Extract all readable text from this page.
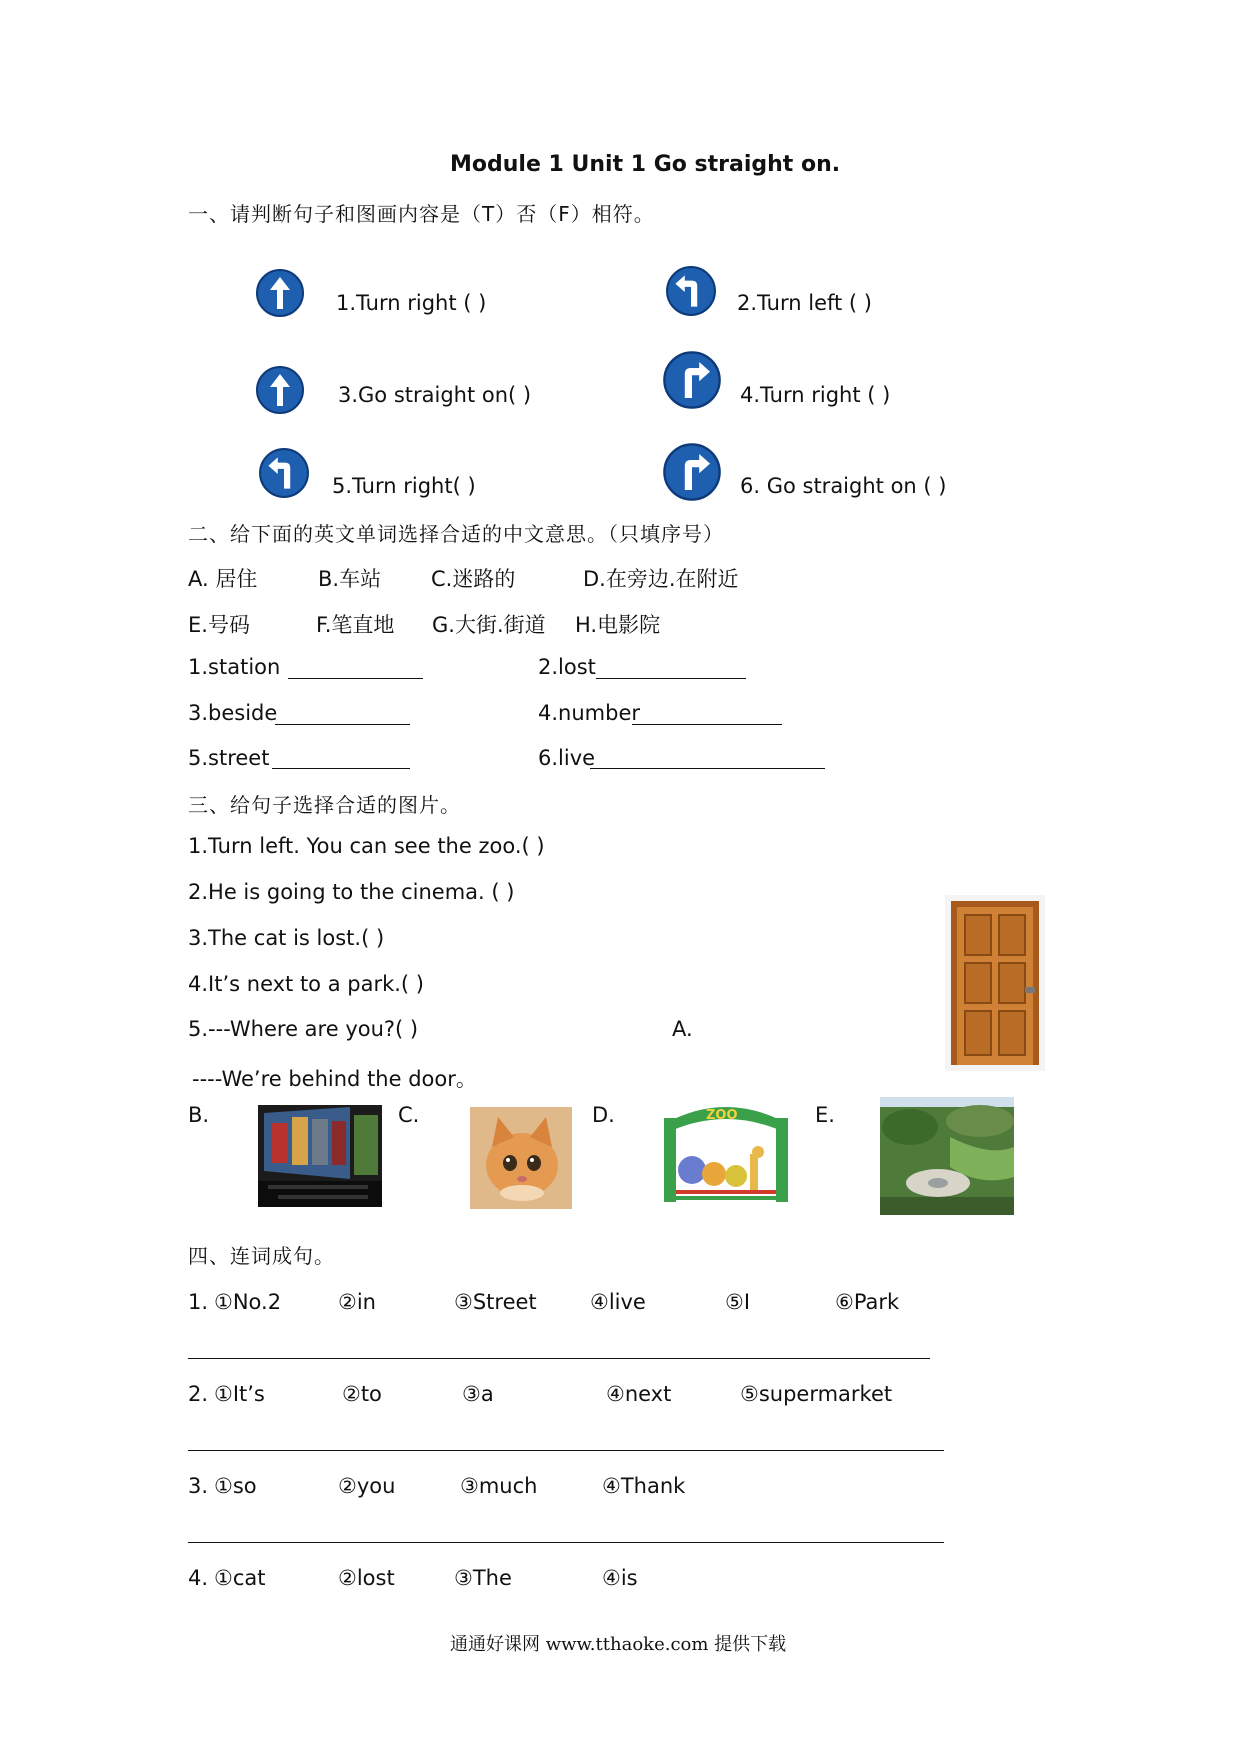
Module 1 Unit 1 Go straight on.
一、请判断句子和图画内容是（T）否（F）相符。
1.Turn right ( )	2.Turn left ( )
3.Go straight on( )	4.Turn right ( )
5.Turn right( )	6. Go straight on ( )
二、给下面的英文单词选择合适的中文意思。（只填序号）
A. 居住	B.车站 C.迷路的	D.在旁边.在附近
E.号码	F.笔直地 G.大街.街道 H.电影院
1.station	2.lost
3.beside	4.number
5.street	6.live
三、给句子选择合适的图片。
1.Turn left. You can see the zoo.( )
2.He is going to the cinema. ( )
3.The cat is lost.( )
4.It’s next to a park.( )
5.---Where are you?( )
----We’re behind the door。
A.
B.	C.	D.	ZOO	E.
四、连词成句。
1. ①No.2	②in	③Street	④live	⑤I	⑥Park
2. ①It’s	②to	③a	④next	⑤supermarket
3. ①so	②you	③much	④Thank
4. ①cat	②lost	③The	④is
通通好课网 www.tthaoke.com 提供下载
